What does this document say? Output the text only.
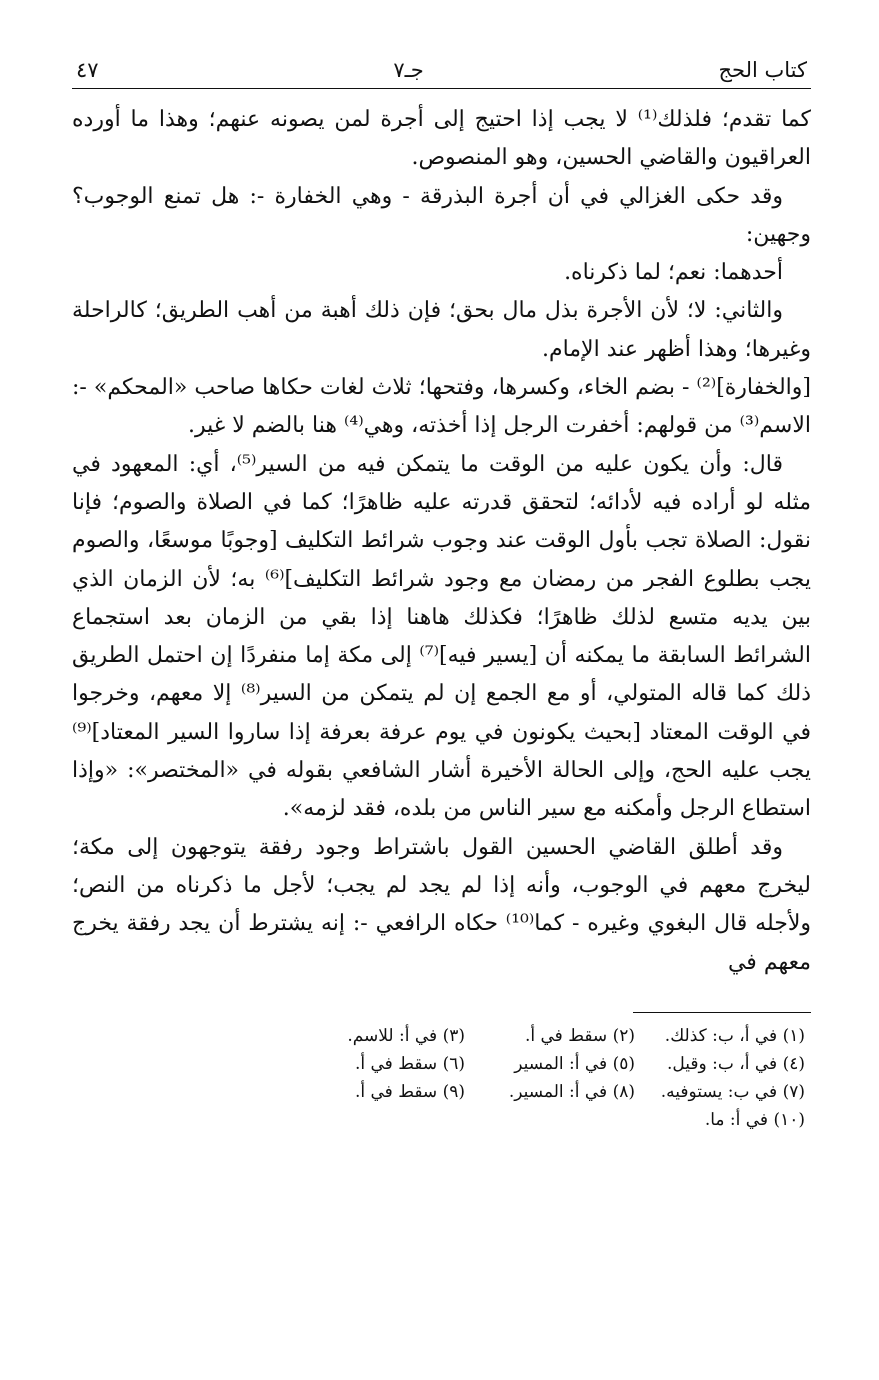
كتاب الحج
جـ٧
٤٧

كما تقدم؛ فلذلك⁽¹⁾ لا يجب إذا احتيج إلى أجرة لمن يصونه عنهم؛ وهذا ما أورده العراقيون والقاضي الحسين، وهو المنصوص.

وقد حكى الغزالي في أن أجرة البذرقة - وهي الخفارة -: هل تمنع الوجوب؟ وجهين:

أحدهما: نعم؛ لما ذكرناه.

والثاني: لا؛ لأن الأجرة بذل مال بحق؛ فإن ذلك أهبة من أهب الطريق؛ كالراحلة وغيرها؛ وهذا أظهر عند الإمام.

[والخفارة]⁽²⁾ - بضم الخاء، وكسرها، وفتحها؛ ثلاث لغات حكاها صاحب «المحكم» -: الاسم⁽³⁾ من قولهم: أخفرت الرجل إذا أخذته، وهي⁽⁴⁾ هنا بالضم لا غير.

قال: وأن يكون عليه من الوقت ما يتمكن فيه من السير⁽⁵⁾، أي: المعهود في مثله لو أراده فيه لأدائه؛ لتحقق قدرته عليه ظاهرًا؛ كما في الصلاة والصوم؛ فإنا نقول: الصلاة تجب بأول الوقت عند وجوب شرائط التكليف [وجوبًا موسعًا، والصوم يجب بطلوع الفجر من رمضان مع وجود شرائط التكليف]⁽⁶⁾ به؛ لأن الزمان الذي بين يديه متسع لذلك ظاهرًا؛ فكذلك هاهنا إذا بقي من الزمان بعد استجماع الشرائط السابقة ما يمكنه أن [يسير فيه]⁽⁷⁾ إلى مكة إما منفردًا إن احتمل الطريق ذلك كما قاله المتولي، أو مع الجمع إن لم يتمكن من السير⁽⁸⁾ إلا معهم، وخرجوا في الوقت المعتاد [بحيث يكونون في يوم عرفة بعرفة إذا ساروا السير المعتاد]⁽⁹⁾ يجب عليه الحج، وإلى الحالة الأخيرة أشار الشافعي بقوله في «المختصر»: «وإذا استطاع الرجل وأمكنه مع سير الناس من بلده، فقد لزمه».

وقد أطلق القاضي الحسين القول باشتراط وجود رفقة يتوجهون إلى مكة؛ ليخرج معهم في الوجوب، وأنه إذا لم يجد لم يجب؛ لأجل ما ذكرناه من النص؛ ولأجله قال البغوي وغيره - كما⁽¹⁰⁾ حكاه الرافعي -: إنه يشترط أن يجد رفقة يخرج معهم في

(١) في أ، ب: كذلك.
(٢) سقط في أ.
(٣) في أ: للاسم.
(٤) في أ، ب: وقيل.
(٥) في أ: المسير
(٦) سقط في أ.
(٧) في ب: يستوفيه.
(٨) في أ: المسير.
(٩) سقط في أ.
(١٠) في أ: ما.
